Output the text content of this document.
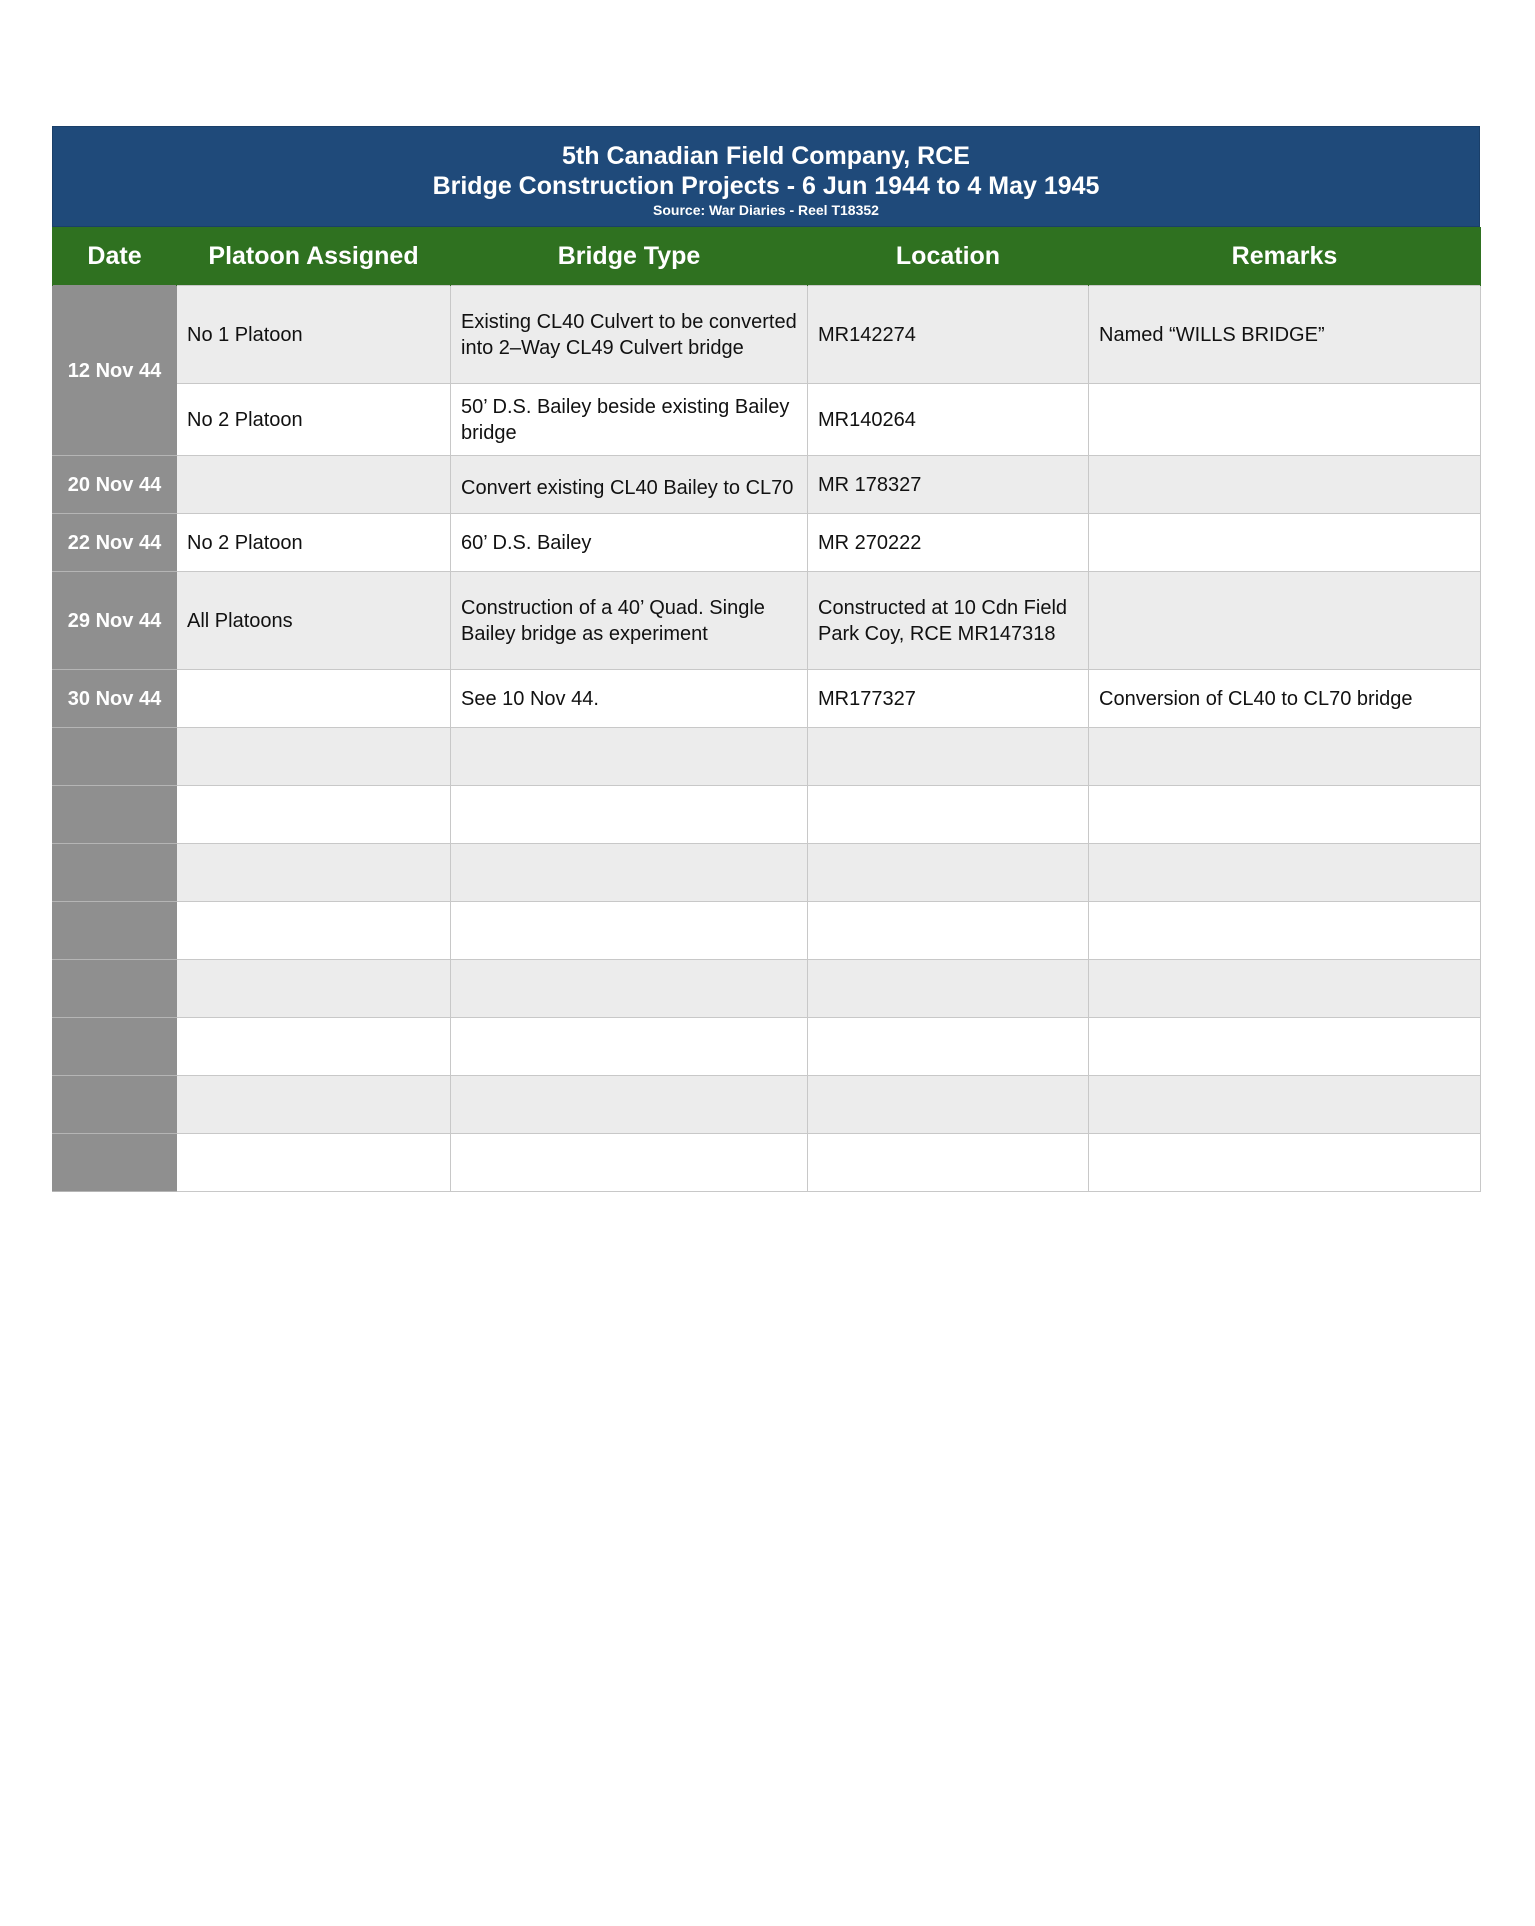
5th Canadian Field Company, RCE
Bridge Construction Projects - 6 Jun 1944 to 4 May 1945
Source: War Diaries - Reel T18352
Date	Platoon Assigned	Bridge Type	Location	Remarks
12 Nov 44	No 1 Platoon	Existing CL40 Culvert to be converted into 2–Way CL49 Culvert bridge	MR142274	Named “WILLS BRIDGE”
	No 2 Platoon	50’ D.S. Bailey beside existing Bailey bridge	MR140264	
20 Nov 44		Convert existing CL40 Bailey to CL70	MR 178327	
22 Nov 44	No 2 Platoon	60’ D.S. Bailey	MR 270222	
29 Nov 44	All Platoons	Construction of a 40’ Quad. Single Bailey bridge as experiment	Constructed at 10 Cdn Field Park Coy, RCE MR147318	
30 Nov 44		See 10 Nov 44.	MR177327	Conversion of CL40 to CL70 bridge
